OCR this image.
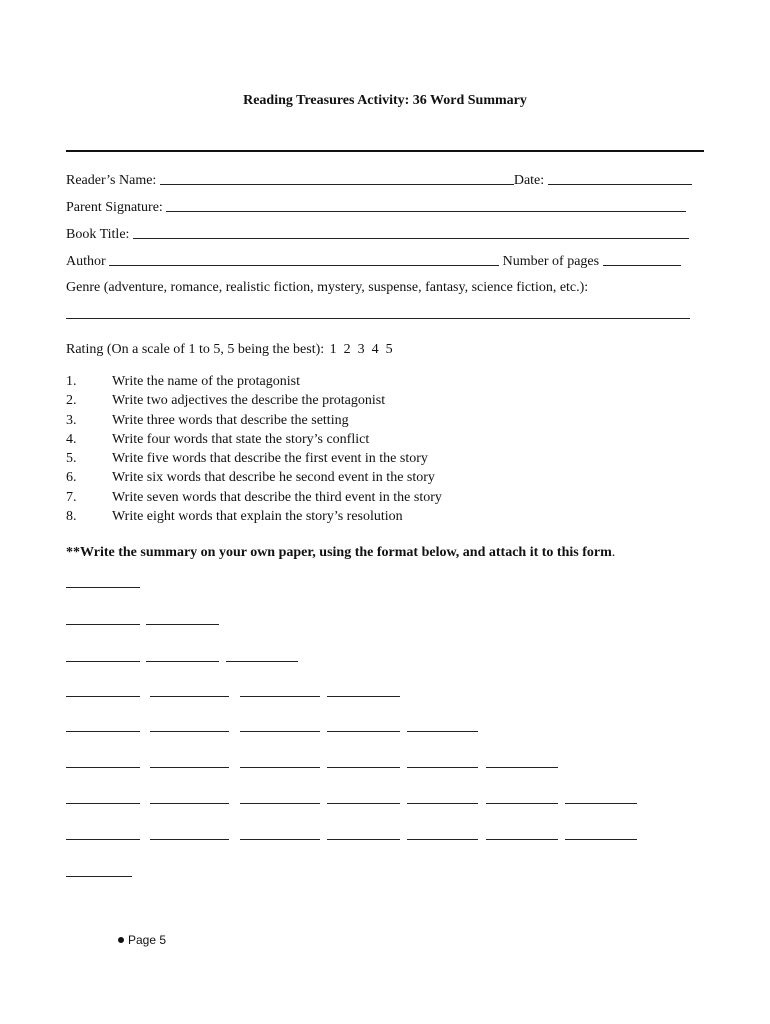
Reading Treasures Activity: 36 Word Summary
Reader’s Name:	Date:
Parent Signature:
Book Title:
Author	Number of pages
Genre (adventure, romance, realistic fiction, mystery, suspense, fantasy, science fiction, etc.):
Rating (On a scale of 1 to 5, 5 being the best): 1 2 3 4 5
1.	Write the name of the protagonist
2.	Write two adjectives the describe the protagonist
3.	Write three words that describe the setting
4.	Write four words that state the story’s conflict
5.	Write five words that describe the first event in the story
6.	Write six words that describe he second event in the story
7.	Write seven words that describe the third event in the story
8.	Write eight words that explain the story’s resolution
**Write the summary on your own paper, using the format below, and attach it to this form.
Page 5
